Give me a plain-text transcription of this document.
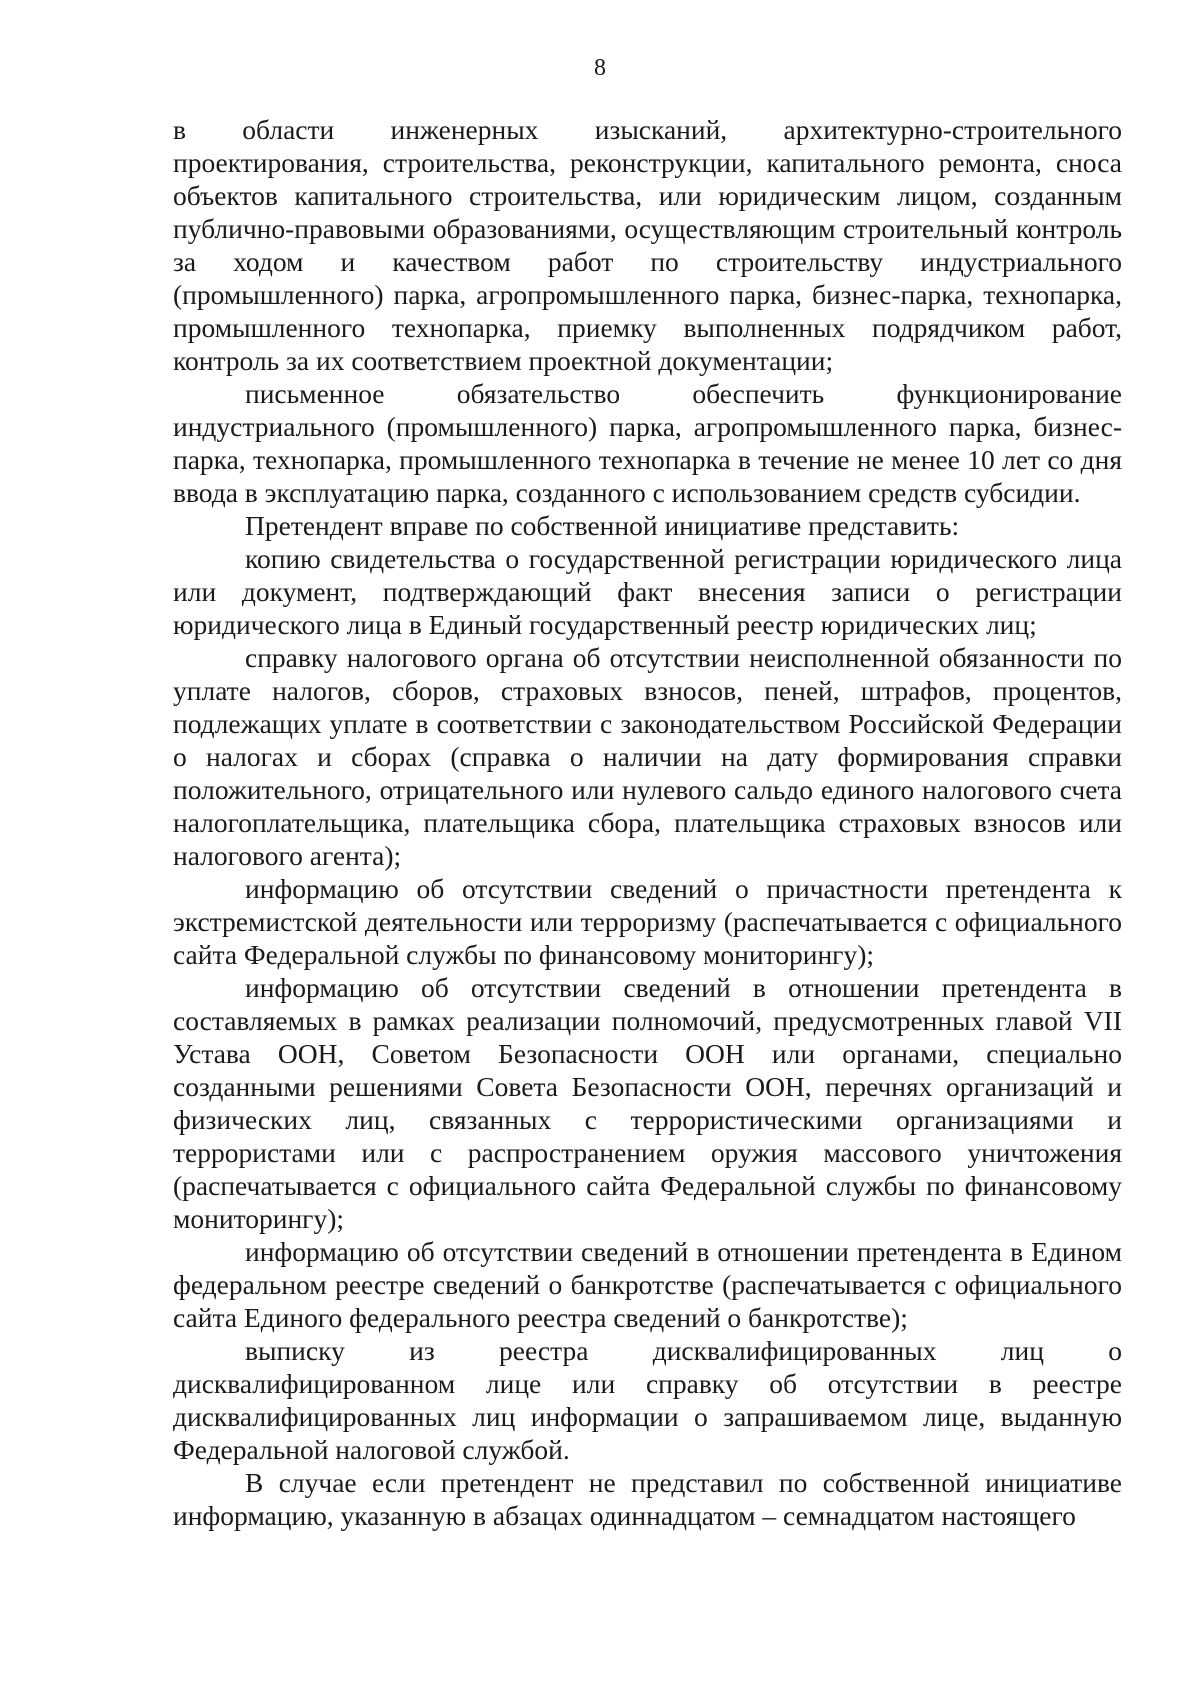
8

в области инженерных изысканий, архитектурно-строительного проектирования, строительства, реконструкции, капитального ремонта, сноса объектов капитального строительства, или юридическим лицом, созданным публично-правовыми образованиями, осуществляющим строительный контроль за ходом и качеством работ по строительству индустриального (промышленного) парка, агропромышленного парка, бизнес-парка, технопарка, промышленного технопарка, приемку выполненных подрядчиком работ, контроль за их соответствием проектной документации;

письменное обязательство обеспечить функционирование индустриального (промышленного) парка, агропромышленного парка, бизнес-парка, технопарка, промышленного технопарка в течение не менее 10 лет со дня ввода в эксплуатацию парка, созданного с использованием средств субсидии.

Претендент вправе по собственной инициативе представить:

копию свидетельства о государственной регистрации юридического лица или документ, подтверждающий факт внесения записи о регистрации юридического лица в Единый государственный реестр юридических лиц;

справку налогового органа об отсутствии неисполненной обязанности по уплате налогов, сборов, страховых взносов, пеней, штрафов, процентов, подлежащих уплате в соответствии с законодательством Российской Федерации о налогах и сборах (справка о наличии на дату формирования справки положительного, отрицательного или нулевого сальдо единого налогового счета налогоплательщика, плательщика сбора, плательщика страховых взносов или налогового агента);

информацию об отсутствии сведений о причастности претендента к экстремистской деятельности или терроризму (распечатывается с официального сайта Федеральной службы по финансовому мониторингу);

информацию об отсутствии сведений в отношении претендента в составляемых в рамках реализации полномочий, предусмотренных главой VII Устава ООН, Советом Безопасности ООН или органами, специально созданными решениями Совета Безопасности ООН, перечнях организаций и физических лиц, связанных с террористическими организациями и террористами или с распространением оружия массового уничтожения (распечатывается с официального сайта Федеральной службы по финансовому мониторингу);

информацию об отсутствии сведений в отношении претендента в Едином федеральном реестре сведений о банкротстве (распечатывается с официального сайта Единого федерального реестра сведений о банкротстве);

выписку из реестра дисквалифицированных лиц о дисквалифицированном лице или справку об отсутствии в реестре дисквалифицированных лиц информации о запрашиваемом лице, выданную Федеральной налоговой службой.

В случае если претендент не представил по собственной инициативе информацию, указанную в абзацах одиннадцатом – семнадцатом настоящего
